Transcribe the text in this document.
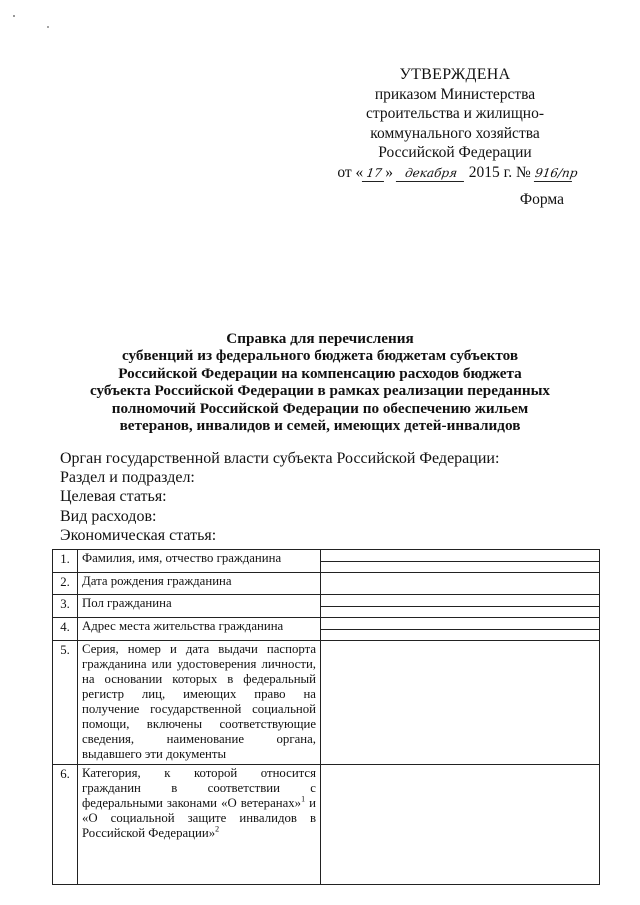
УТВЕРЖДЕНА
приказом Министерства
строительства и жилищно-
коммунального хозяйства
Российской Федерации
от « 17 » декабря 2015 г. № 916/пр
Форма
Справка для перечисления
субвенций из федерального бюджета бюджетам субъектов
Российской Федерации на компенсацию расходов бюджета
субъекта Российской Федерации в рамках реализации переданных
полномочий Российской Федерации по обеспечению жильем
ветеранов, инвалидов и семей, имеющих детей-инвалидов
Орган государственной власти субъекта Российской Федерации:
Раздел и подраздел:
Целевая статья:
Вид расходов:
Экономическая статья:
1.	Фамилия, имя, отчество гражданина	

2.	Дата рождения гражданина	
3.	Пол гражданина	

4.	Адрес места жительства гражданина	

5.	Серия, номер и дата выдачи паспорта гражданина или удостоверения личности, на основании которых в федеральный регистр лиц, имеющих право на получение государственной социальной помощи, включены соответствующие сведения, наименование органа, выдавшего эти документы	
6.	Категория, к которой относится гражданин в соответствии с федеральными законами «О ветеранах»$^1$ и «О социальной защите инвалидов в Российской Федерации»$^2$	
